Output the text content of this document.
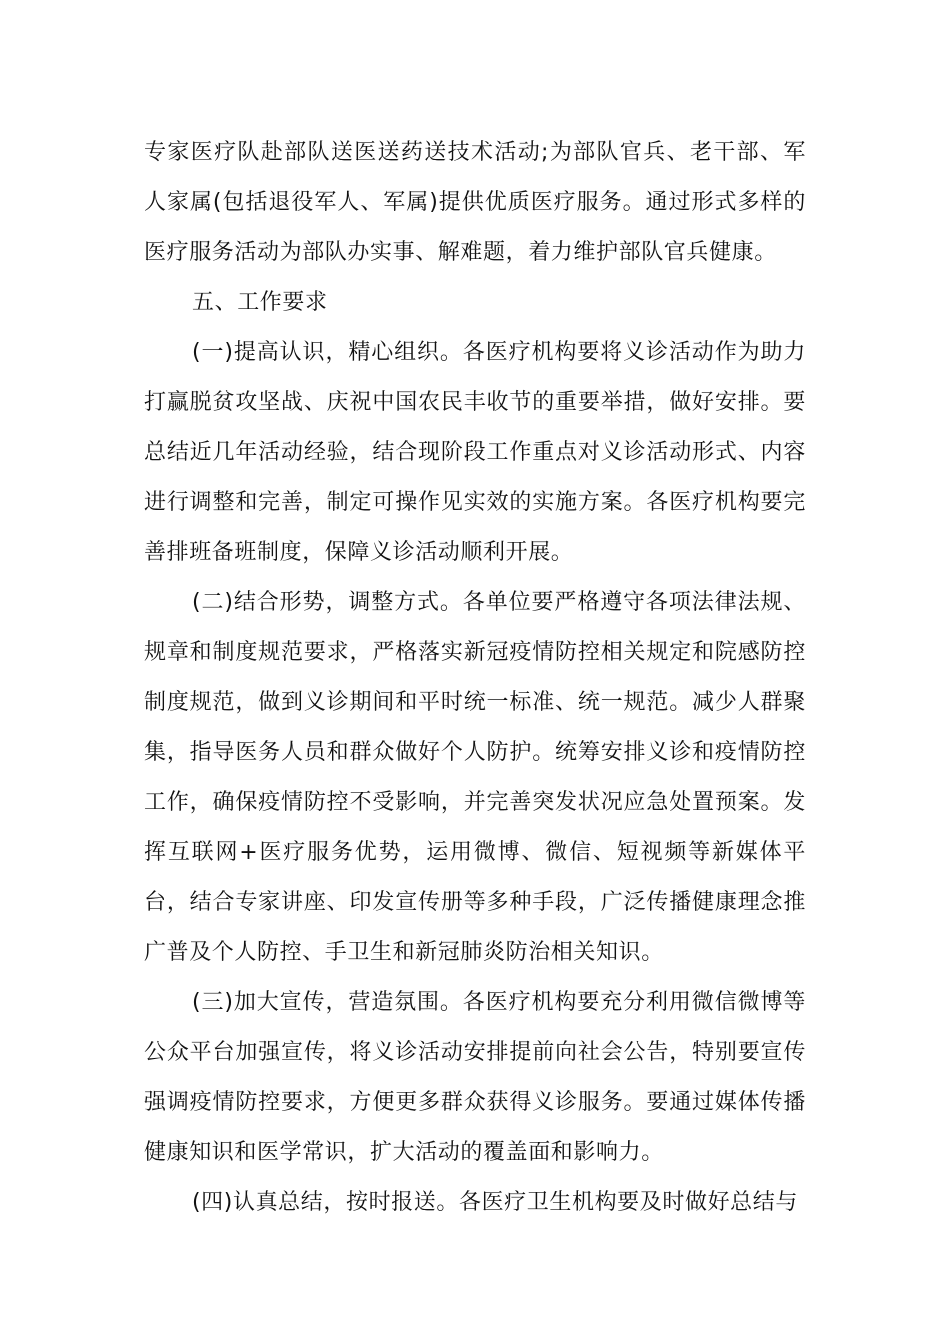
专家医疗队赴部队送医送药送技术活动;为部队官兵、老干部、军人家属(包括退役军人、军属)提供优质医疗服务。通过形式多样的医疗服务活动为部队办实事、解难题，着力维护部队官兵健康。

五、工作要求

(一)提高认识，精心组织。各医疗机构要将义诊活动作为助力打赢脱贫攻坚战、庆祝中国农民丰收节的重要举措，做好安排。要总结近几年活动经验，结合现阶段工作重点对义诊活动形式、内容进行调整和完善，制定可操作见实效的实施方案。各医疗机构要完善排班备班制度，保障义诊活动顺利开展。

(二)结合形势，调整方式。各单位要严格遵守各项法律法规、规章和制度规范要求，严格落实新冠疫情防控相关规定和院感防控制度规范，做到义诊期间和平时统一标准、统一规范。减少人群聚集，指导医务人员和群众做好个人防护。统筹安排义诊和疫情防控工作，确保疫情防控不受影响，并完善突发状况应急处置预案。发挥互联网+医疗服务优势，运用微博、微信、短视频等新媒体平台，结合专家讲座、印发宣传册等多种手段，广泛传播健康理念推广普及个人防控、手卫生和新冠肺炎防治相关知识。

(三)加大宣传，营造氛围。各医疗机构要充分利用微信微博等公众平台加强宣传，将义诊活动安排提前向社会公告，特别要宣传强调疫情防控要求，方便更多群众获得义诊服务。要通过媒体传播健康知识和医学常识，扩大活动的覆盖面和影响力。

(四)认真总结，按时报送。各医疗卫生机构要及时做好总结与
